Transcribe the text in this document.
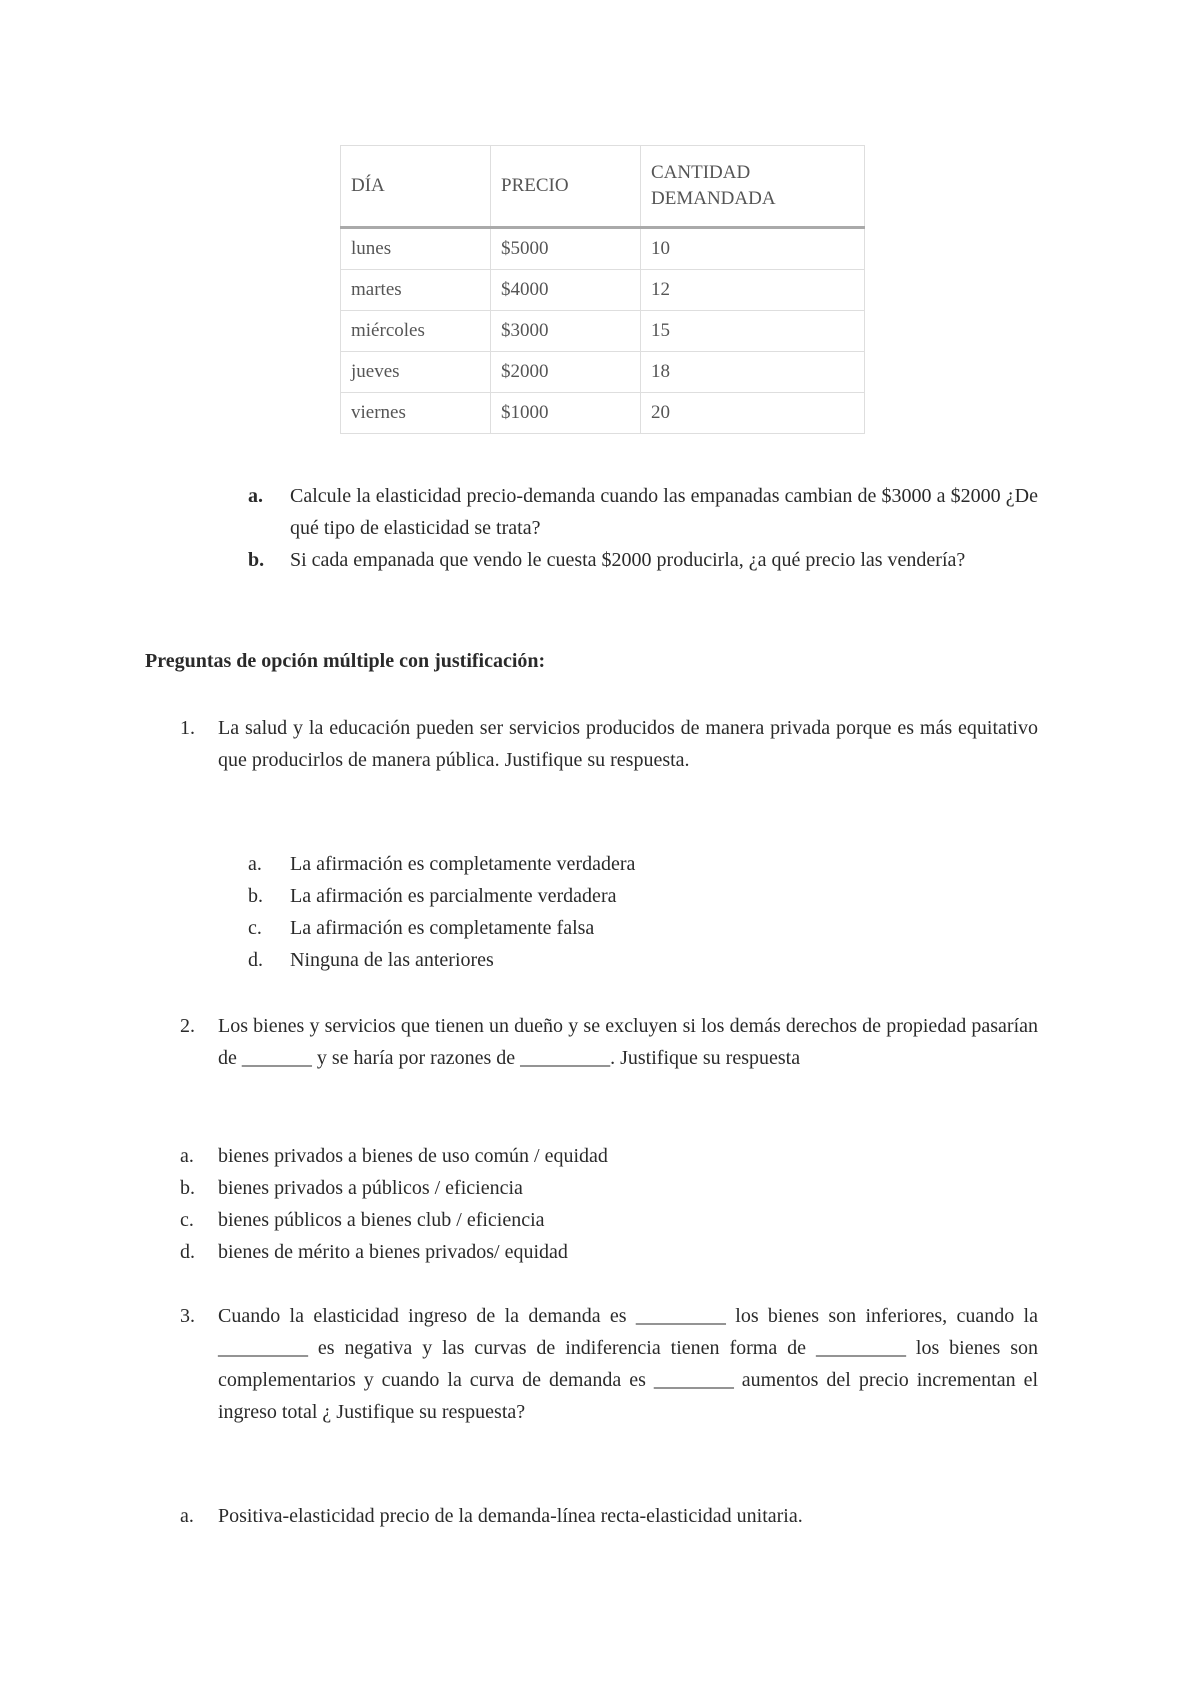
DÍA	PRECIO	CANTIDAD DEMANDADA
lunes	$5000	10
martes	$4000	12
miércoles	$3000	15
jueves	$2000	18
viernes	$1000	20
a. Calcule la elasticidad precio-demanda cuando las empanadas cambian de $3000 a $2000 ¿De qué tipo de elasticidad se trata?
b. Si cada empanada que vendo le cuesta $2000 producirla, ¿a qué precio las vendería?
Preguntas de opción múltiple con justificación:
1. La salud y la educación pueden ser servicios producidos de manera privada porque es más equitativo que producirlos de manera pública. Justifique su respuesta.
a. La afirmación es completamente verdadera
b. La afirmación es parcialmente verdadera
c. La afirmación es completamente falsa
d. Ninguna de las anteriores
2. Los bienes y servicios que tienen un dueño y se excluyen si los demás derechos de propiedad pasarían de _______ y se haría por razones de _________. Justifique su respuesta
a. bienes privados a bienes de uso común / equidad
b. bienes privados a públicos / eficiencia
c. bienes públicos a bienes club / eficiencia
d. bienes de mérito a bienes privados/ equidad
3. Cuando la elasticidad ingreso de la demanda es _________ los bienes son inferiores, cuando la _________ es negativa y las curvas de indiferencia tienen forma de _________ los bienes son complementarios y cuando la curva de demanda es ________ aumentos del precio incrementan el ingreso total ¿ Justifique su respuesta?
a. Positiva-elasticidad precio de la demanda-línea recta-elasticidad unitaria.
